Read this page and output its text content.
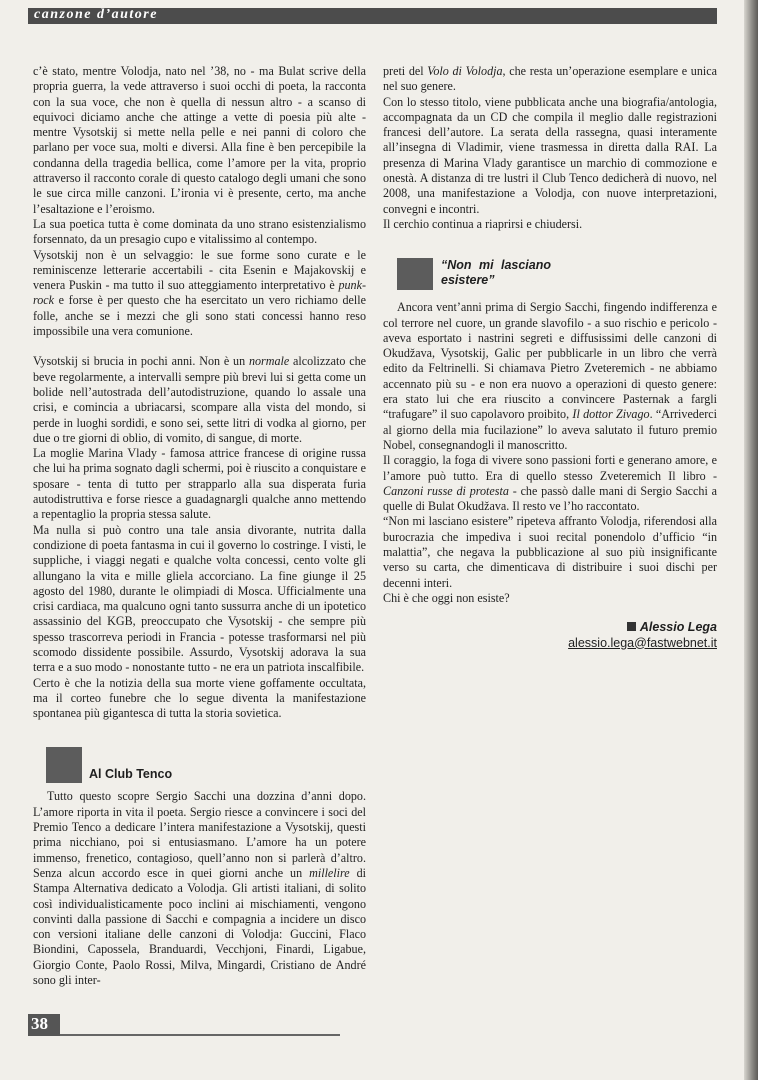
canzone d’autore

c’è stato, mentre Volodja, nato nel ’38, no - ma Bulat scrive della propria guerra, la vede attraverso i suoi occhi di poeta, la racconta con la sua voce, che non è quella di nessun altro - a scanso di equivoci diciamo anche che attinge a vette di poesia più alte - mentre Vysotskij si mette nella pelle e nei panni di coloro che parlano per voce sua, molti e diversi. Alla fine è ben percepibile la condanna della tragedia bellica, come l’amore per la vita, proprio attraverso il racconto corale di questo catalogo degli umani che sono le sue circa mille canzoni. L’ironia vi è presente, certo, ma anche l’esaltazione e l’eroismo.

La sua poetica tutta è come dominata da uno strano esistenzialismo forsennato, da un presagio cupo e vitalissimo al contempo.

Vysotskij non è un selvaggio: le sue forme sono curate e le reminiscenze letterarie accertabili - cita Esenin e Majakovskij e venera Puskin - ma tutto il suo atteggiamento interpretativo è punk-rock e forse è per questo che ha esercitato un vero richiamo delle folle, anche se i mezzi che gli sono stati concessi hanno reso impossibile una vera comunione.

Vysotskij si brucia in pochi anni. Non è un normale alcolizzato che beve regolarmente, a intervalli sempre più brevi lui si getta come un bolide nell’autostrada dell’autodistruzione, quando lo assale una crisi, e comincia a ubriacarsi, scompare alla vista del mondo, si perde in luoghi sordidi, e sono sei, sette litri di vodka al giorno, per due o tre giorni di oblio, di vomito, di sangue, di morte.

La moglie Marina Vlady - famosa attrice francese di origine russa che lui ha prima sognato dagli schermi, poi è riuscito a conquistare e sposare - tenta di tutto per strapparlo alla sua disperata furia autodistruttiva e forse riesce a guadagnargli qualche anno mettendo a repentaglio la propria stessa salute.

Ma nulla si può contro una tale ansia divorante, nutrita dalla condizione di poeta fantasma in cui il governo lo costringe. I visti, le suppliche, i viaggi negati e qualche volta concessi, cento volte gli allungano la vita e mille gliela accorciano. La fine giunge il 25 agosto del 1980, durante le olimpiadi di Mosca. Ufficialmente una crisi cardiaca, ma qualcuno ogni tanto sussurra anche di un ipotetico assassinio del KGB, preoccupato che Vysotskij - che sempre più spesso trascorreva periodi in Francia - potesse trasformarsi nel più scomodo dissidente possibile. Assurdo, Vysotskij adorava la sua terra e a suo modo - nonostante tutto - ne era un patriota inscalfibile.

Certo è che la notizia della sua morte viene goffamente occultata, ma il corteo funebre che lo segue diventa la manifestazione spontanea più gigantesca di tutta la storia sovietica.

Al Club Tenco

Tutto questo scopre Sergio Sacchi una dozzina d’anni dopo. L’amore riporta in vita il poeta. Sergio riesce a convincere i soci del Premio Tenco a dedicare l’intera manifestazione a Vysotskij, questi prima nicchiano, poi si entusiasmano. L’amore ha un potere immenso, frenetico, contagioso, quell’anno non si parlerà d’altro. Senza alcun accordo esce in quei giorni anche un millelire di Stampa Alternativa dedicato a Volodja. Gli artisti italiani, di solito così individualisticamente poco inclini ai mischiamenti, vengono convinti dalla passione di Sacchi e compagnia a incidere un disco con versioni italiane delle canzoni di Volodja: Guccini, Flaco Biondini, Capossela, Branduardi, Vecchjoni, Finardi, Ligabue, Giorgio Conte, Paolo Rossi, Milva, Mingardi, Cristiano de André sono gli inter-

preti del Volo di Volodja, che resta un’operazione esemplare e unica nel suo genere.

Con lo stesso titolo, viene pubblicata anche una biografia/antologia, accompagnata da un CD che compila il meglio dalle registrazioni francesi dell’autore. La serata della rassegna, quasi interamente all’insegna di Vladimir, viene trasmessa in diretta dalla RAI. La presenza di Marina Vlady garantisce un marchio di commozione e onestà. A distanza di tre lustri il Club Tenco dedicherà di nuovo, nel 2008, una manifestazione a Volodja, con nuove interpretazioni, convegni e incontri.

Il cerchio continua a riaprirsi e chiudersi.

“Non mi lasciano esistere”

Ancora vent’anni prima di Sergio Sacchi, fingendo indifferenza e col terrore nel cuore, un grande slavofilo - a suo rischio e pericolo - aveva esportato i nastrini segreti e diffusissimi delle canzoni di Okudžava, Vysotskij, Galic per pubblicarle in un libro che verrà edito da Feltrinelli. Si chiamava Pietro Zveteremich - ne abbiamo accennato più su - e non era nuovo a operazioni di questo genere: era stato lui che era riuscito a convincere Pasternak a fargli “trafugare” il suo capolavoro proibito, Il dottor Zivago. “Arrivederci al giorno della mia fucilazione” lo aveva salutato il futuro premio Nobel, consegnandogli il manoscritto.

Il coraggio, la foga di vivere sono passioni forti e generano amore, e l’amore può tutto. Era di quello stesso Zveteremich Il libro - Canzoni russe di protesta - che passò dalle mani di Sergio Sacchi a quelle di Bulat Okudžava. Il resto ve l’ho raccontato.

“Non mi lasciano esistere” ripeteva affranto Volodja, riferendosi alla burocrazia che impediva i suoi recital ponendolo d’ufficio “in malattia”, che negava la pubblicazione al suo più insignificante verso su carta, che dimenticava di distribuire i suoi dischi per decenni interi.

Chi è che oggi non esiste?

Alessio Lega
alessio.lega@fastwebnet.it
38
